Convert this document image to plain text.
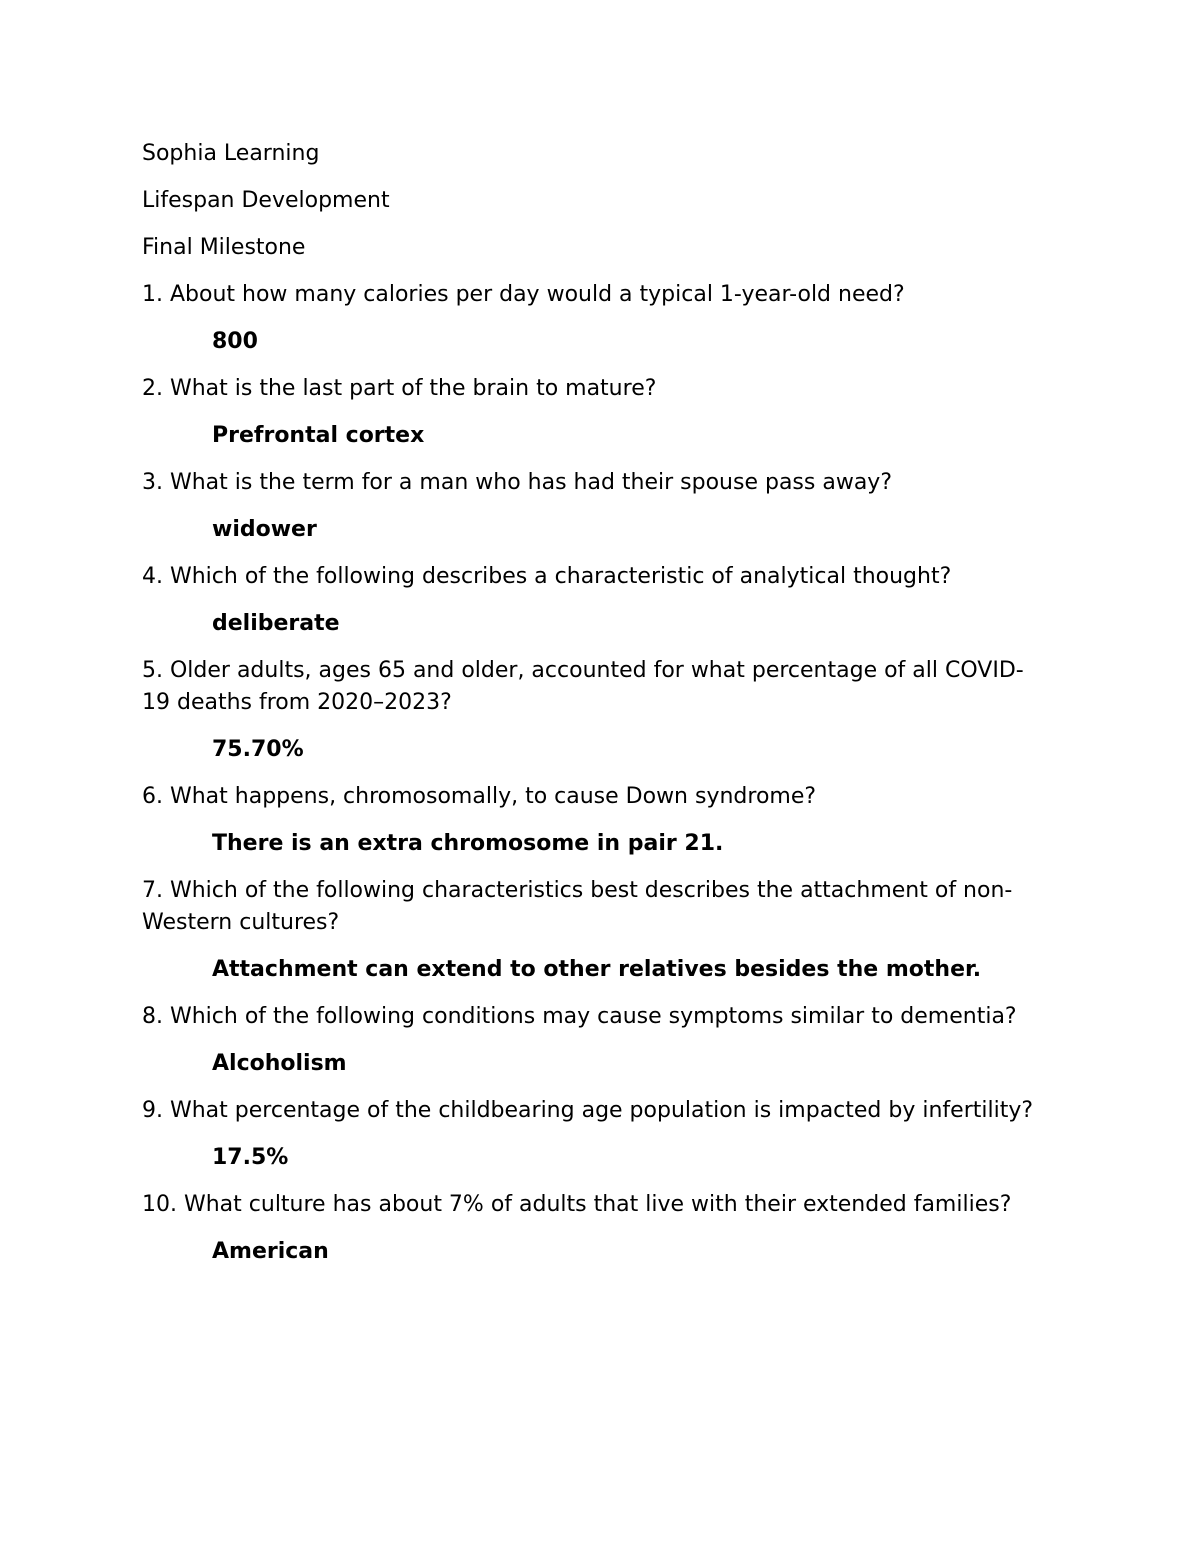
Sophia Learning

Lifespan Development

Final Milestone

1. About how many calories per day would a typical 1-year-old need?

800

2. What is the last part of the brain to mature?

Prefrontal cortex

3. What is the term for a man who has had their spouse pass away?

widower

4. Which of the following describes a characteristic of analytical thought?

deliberate

5. Older adults, ages 65 and older, accounted for what percentage of all COVID-19 deaths from 2020–2023?

75.70%

6. What happens, chromosomally, to cause Down syndrome?

There is an extra chromosome in pair 21.

7. Which of the following characteristics best describes the attachment of non-Western cultures?

Attachment can extend to other relatives besides the mother.

8. Which of the following conditions may cause symptoms similar to dementia?

Alcoholism

9. What percentage of the childbearing age population is impacted by infertility?

17.5%

10. What culture has about 7% of adults that live with their extended families?

American
